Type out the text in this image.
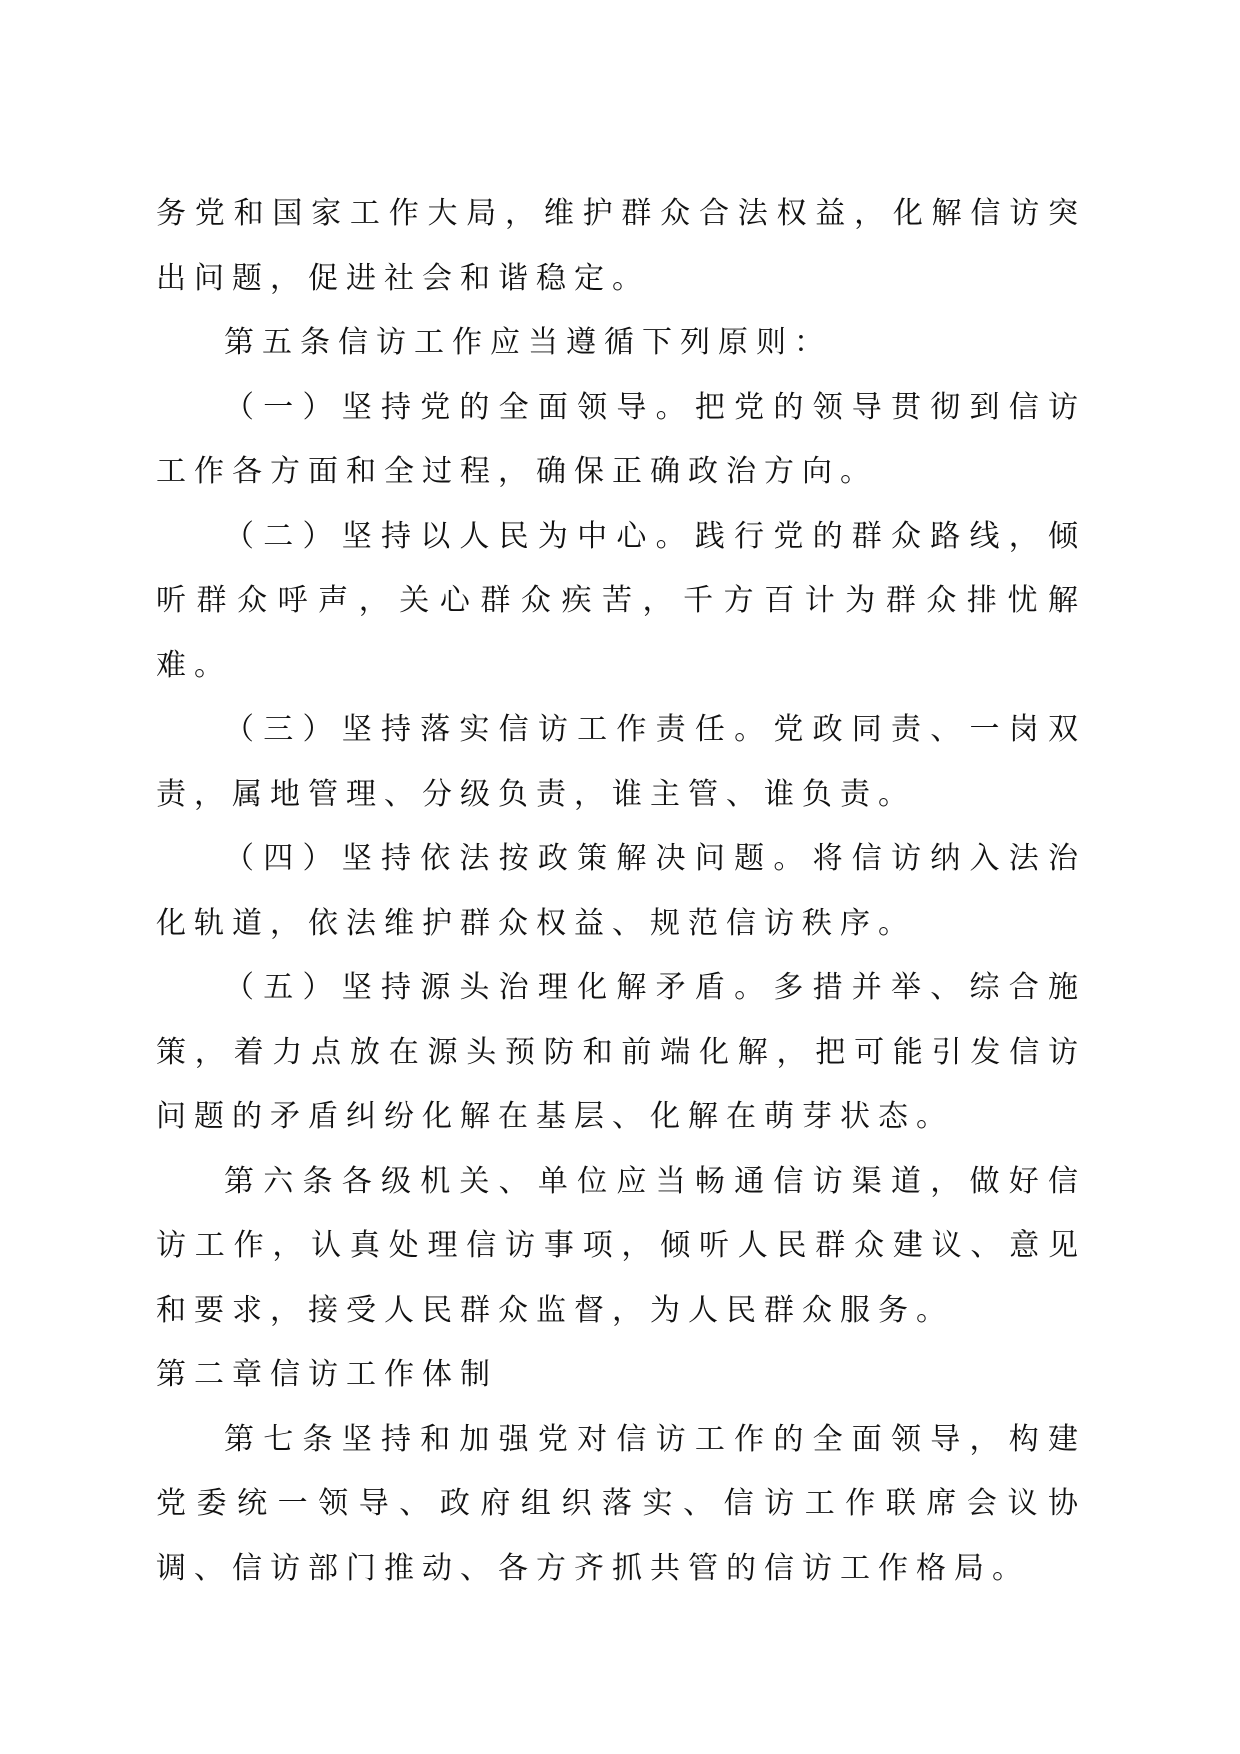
务党和国家工作大局，维护群众合法权益，化解信访突出问题，促进社会和谐稳定。

第五条信访工作应当遵循下列原则：

（一）坚持党的全面领导。把党的领导贯彻到信访工作各方面和全过程，确保正确政治方向。

（二）坚持以人民为中心。践行党的群众路线，倾听群众呼声，关心群众疾苦，千方百计为群众排忧解难。

（三）坚持落实信访工作责任。党政同责、一岗双责，属地管理、分级负责，谁主管、谁负责。

（四）坚持依法按政策解决问题。将信访纳入法治化轨道，依法维护群众权益、规范信访秩序。

（五）坚持源头治理化解矛盾。多措并举、综合施策，着力点放在源头预防和前端化解，把可能引发信访问题的矛盾纠纷化解在基层、化解在萌芽状态。

第六条各级机关、单位应当畅通信访渠道，做好信访工作，认真处理信访事项，倾听人民群众建议、意见和要求，接受人民群众监督，为人民群众服务。

第二章信访工作体制

第七条坚持和加强党对信访工作的全面领导，构建党委统一领导、政府组织落实、信访工作联席会议协调、信访部门推动、各方齐抓共管的信访工作格局。
